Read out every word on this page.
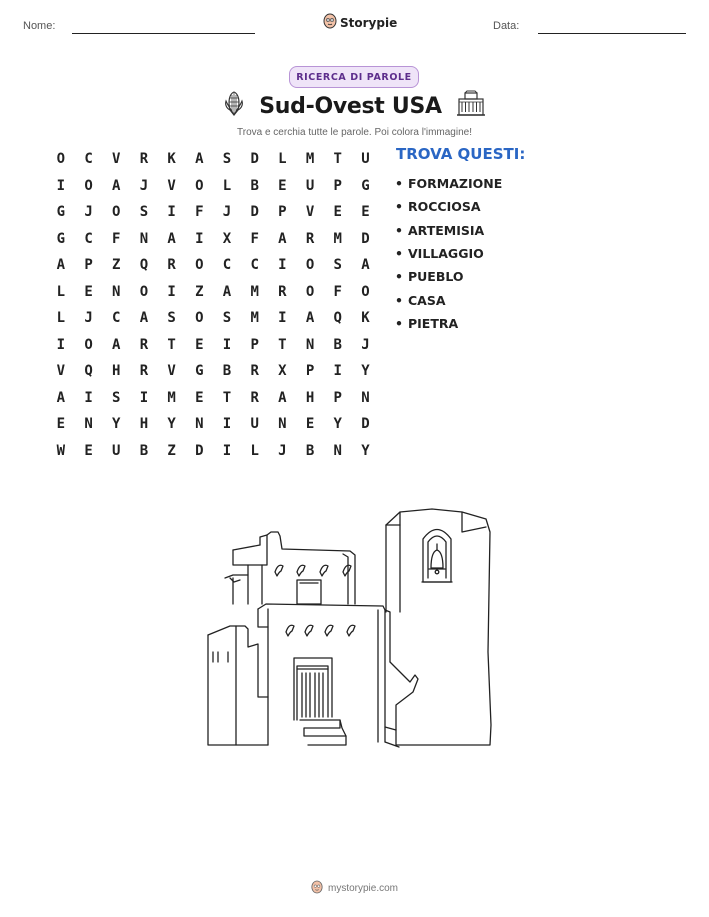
Nome:	Storypie	Data:
RICERCA DI PAROLE
Sud-Ovest USA
Trova e cerchia tutte le parole. Poi colora l'immagine!
O	C	V	R	K	A	S	D	L	M	T	U
I	O	A	J	V	O	L	B	E	U	P	G
G	J	O	S	I	F	J	D	P	V	E	E
G	C	F	N	A	I	X	F	A	R	M	D
A	P	Z	Q	R	O	C	C	I	O	S	A
L	E	N	O	I	Z	A	M	R	O	F	O
L	J	C	A	S	O	S	M	I	A	Q	K
I	O	A	R	T	E	I	P	T	N	B	J
V	Q	H	R	V	G	B	R	X	P	I	Y
A	I	S	I	M	E	T	R	A	H	P	N
E	N	Y	H	Y	N	I	U	N	E	Y	D
W	E	U	B	Z	D	I	L	J	B	N	Y
TROVA QUESTI:
• FORMAZIONE
• ROCCIOSA
• ARTEMISIA
• VILLAGGIO
• PUEBLO
• CASA
• PIETRA
mystorypie.com
